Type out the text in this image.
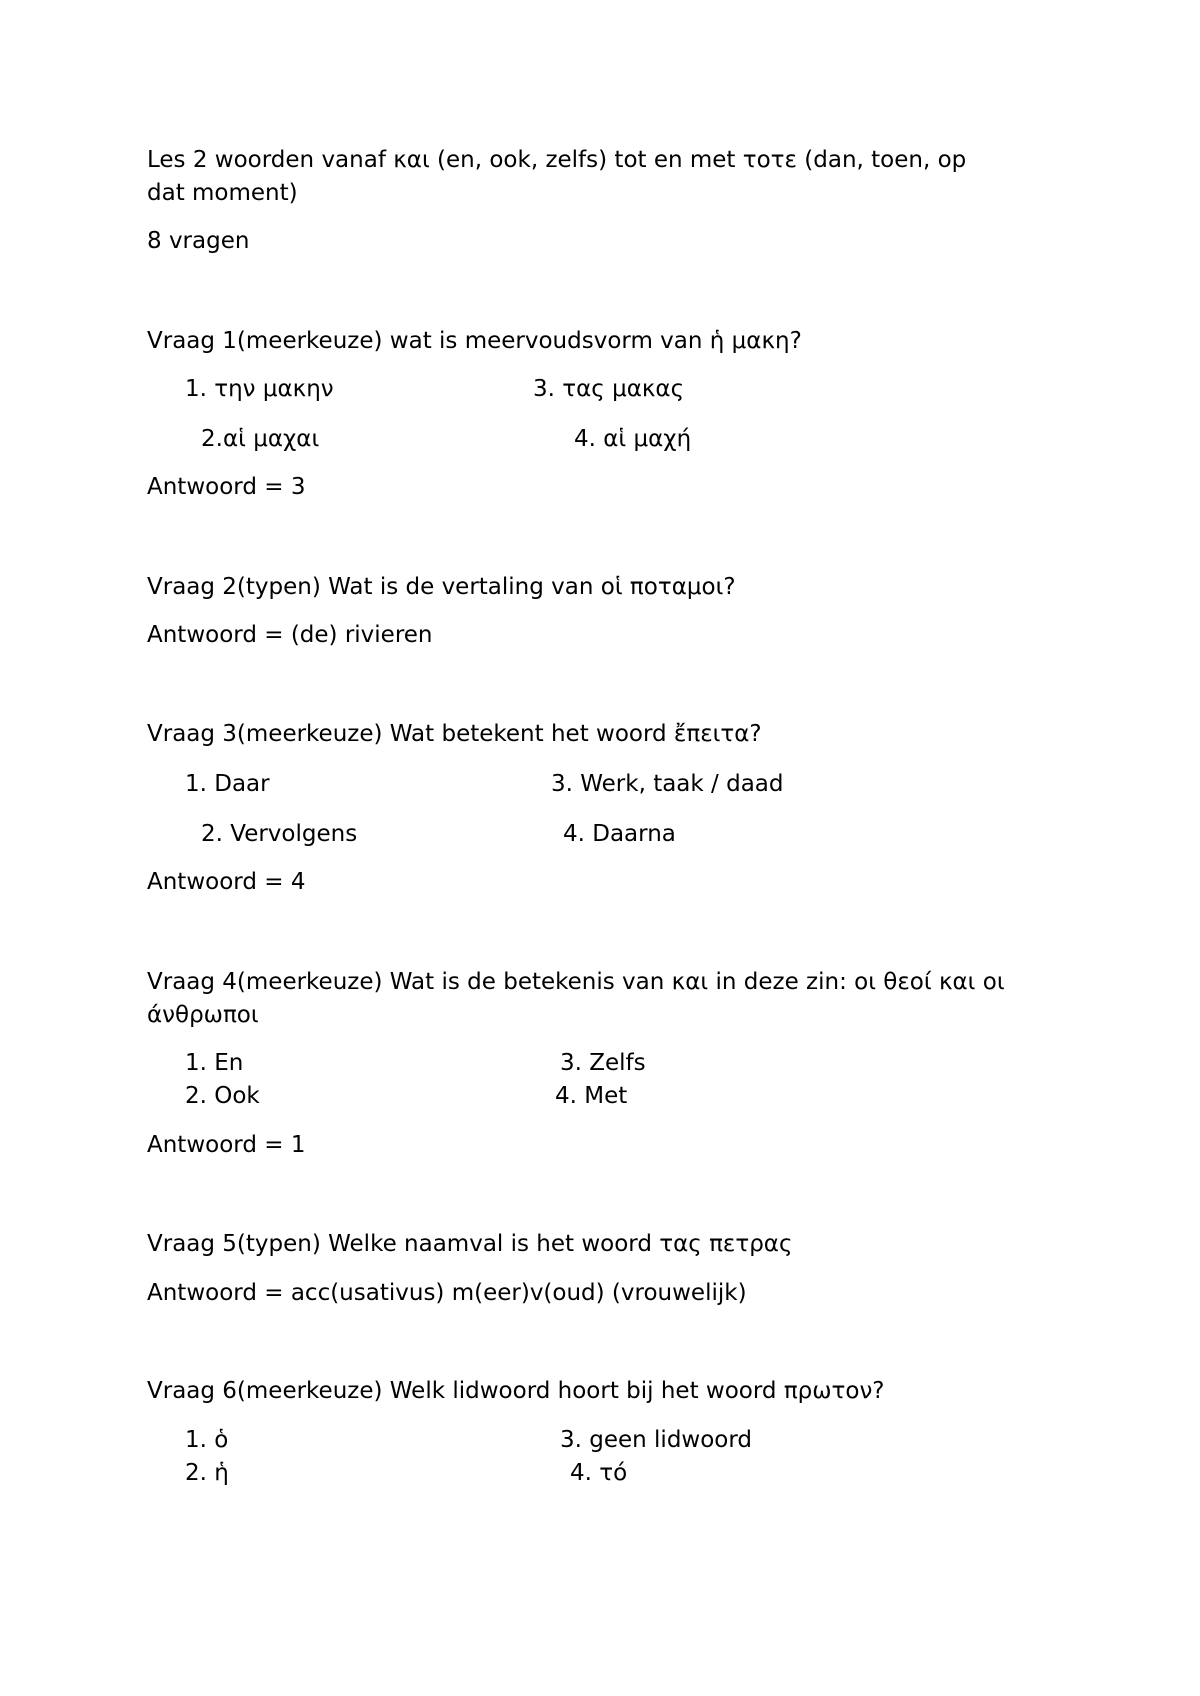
Les 2 woorden vanaf και (en, ook, zelfs) tot en met τοτε (dan, toen, op

dat moment)

8 vragen

Vraag 1(meerkeuze) wat is meervoudsvorm van ἡ μακη?

1. την μακην	3. τας μακας

2.αἱ μαχαι	4. αἱ μαχή

Antwoord = 3

Vraag 2(typen) Wat is de vertaling van οἱ ποταμοι?

Antwoord = (de) rivieren

Vraag 3(meerkeuze) Wat betekent het woord ἔπειτα?

1. Daar	3. Werk, taak / daad

2. Vervolgens	4. Daarna

Antwoord = 4

Vraag 4(meerkeuze) Wat is de betekenis van και in deze zin: οι θεοί και οι

άνθρωποι

1. En	3. Zelfs

2. Ook	4. Met

Antwoord = 1

Vraag 5(typen) Welke naamval is het woord τας πετρας

Antwoord = acc(usativus) m(eer)v(oud) (vrouwelijk)

Vraag 6(meerkeuze) Welk lidwoord hoort bij het woord πρωτον?

1. ὁ	3. geen lidwoord

2. ἡ	4. τό
